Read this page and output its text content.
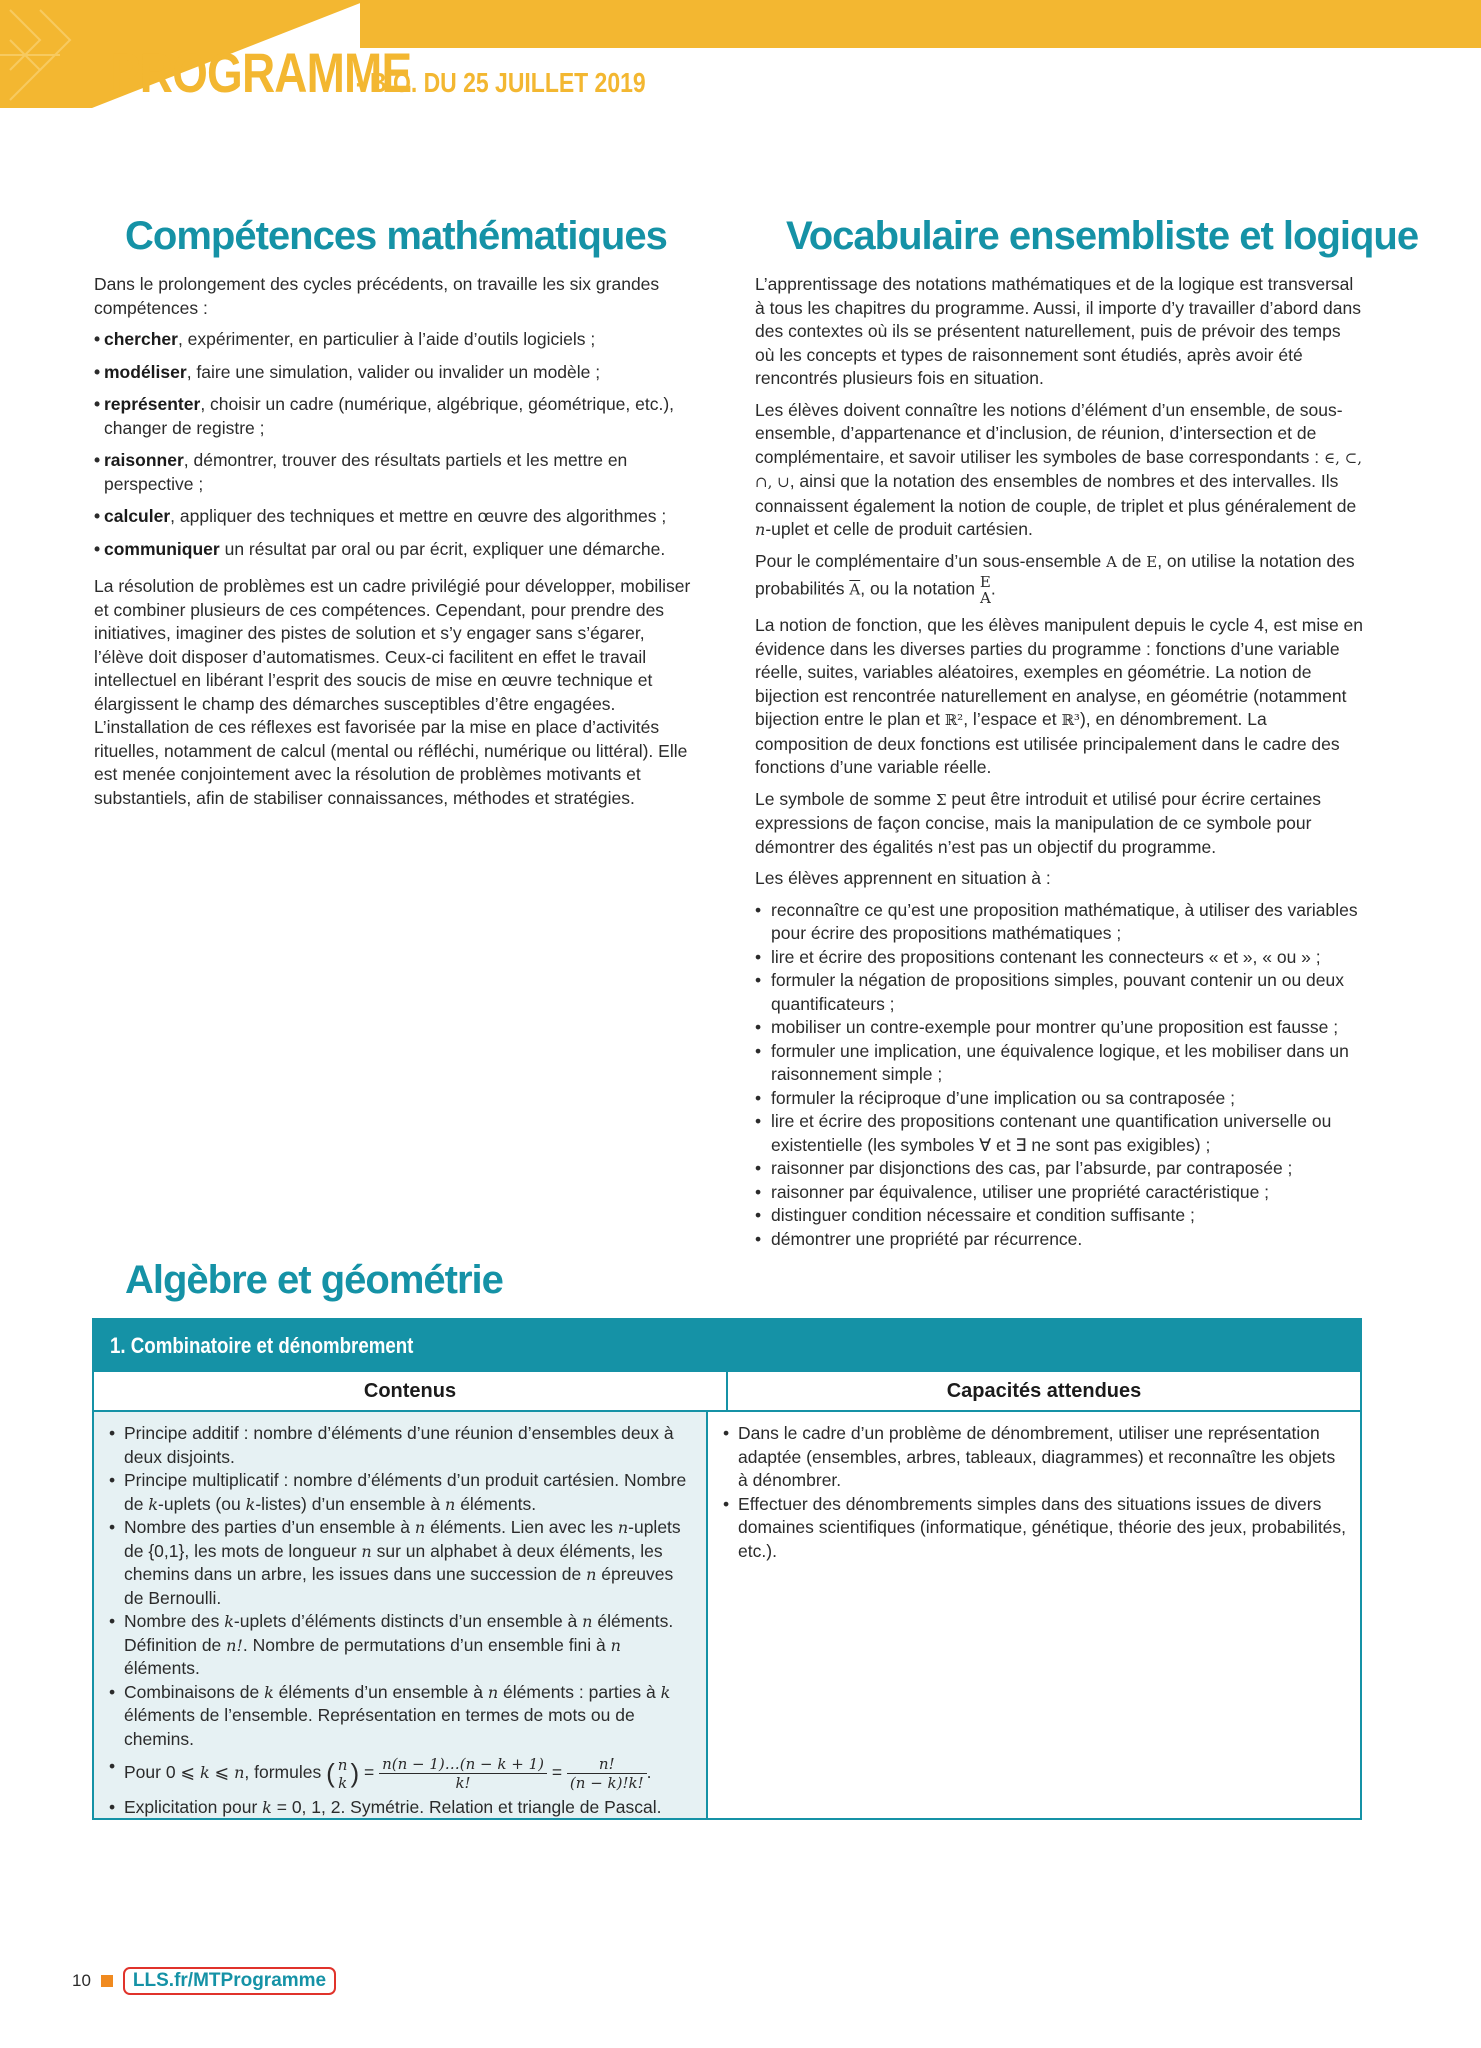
PROGRAMME
- B.O. DU 25 JUILLET 2019
Compétences mathématiques

Dans le prolongement des cycles précédents, on travaille les six grandes compétences :

• chercher, expérimenter, en particulier à l’aide d’outils logiciels ;
• modéliser, faire une simulation, valider ou invalider un modèle ;
• représenter, choisir un cadre (numérique, algébrique, géométrique, etc.), changer de registre ;
• raisonner, démontrer, trouver des résultats partiels et les mettre en perspective ;
• calculer, appliquer des techniques et mettre en œuvre des algorithmes ;
• communiquer un résultat par oral ou par écrit, expliquer une démarche.

La résolution de problèmes est un cadre privilégié pour développer, mobiliser et combiner plusieurs de ces compétences. Cependant, pour prendre des initiatives, imaginer des pistes de solution et s’y engager sans s’égarer, l’élève doit disposer d’automatismes. Ceux-ci facilitent en effet le travail intellectuel en libérant l’esprit des soucis de mise en œuvre technique et élargissent le champ des démarches susceptibles d’être engagées. L’installation de ces réflexes est favorisée par la mise en place d’activités rituelles, notamment de calcul (mental ou réfléchi, numérique ou littéral). Elle est menée conjointement avec la résolution de problèmes motivants et substantiels, afin de stabiliser connaissances, méthodes et stratégies.

Vocabulaire ensembliste et logique

L’apprentissage des notations mathématiques et de la logique est transversal à tous les chapitres du programme. Aussi, il importe d’y travailler d’abord dans des contextes où ils se présentent naturellement, puis de prévoir des temps où les concepts et types de raisonnement sont étudiés, après avoir été rencontrés plusieurs fois en situation.

Les élèves doivent connaître les notions d’élément d’un ensemble, de sous-ensemble, d’appartenance et d’inclusion, de réunion, d’intersection et de complémentaire, et savoir utiliser les symboles de base correspondants : ∈, ⊂, ∩, ∪, ainsi que la notation des ensembles de nombres et des intervalles. Ils connaissent également la notion de couple, de triplet et plus généralement de n-uplet et celle de produit cartésien.

Pour le complémentaire d’un sous-ensemble A de E, on utilise la notation des probabilités $\overline{A}$, ou la notation E
A .

La notion de fonction, que les élèves manipulent depuis le cycle 4, est mise en évidence dans les diverses parties du programme : fonctions d’une variable réelle, suites, variables aléatoires, exemples en géométrie. La notion de bijection est rencontrée naturellement en analyse, en géométrie (notamment bijection entre le plan et ℝ², l’espace et ℝ³), en dénombrement. La composition de deux fonctions est utilisée principalement dans le cadre des fonctions d’une variable réelle.

Le symbole de somme Σ peut être introduit et utilisé pour écrire certaines expressions de façon concise, mais la manipulation de ce symbole pour démontrer des égalités n’est pas un objectif du programme.

Les élèves apprennent en situation à :

• reconnaître ce qu’est une proposition mathématique, à utiliser des variables pour écrire des propositions mathématiques ;
• lire et écrire des propositions contenant les connecteurs « et », « ou » ;
• formuler la négation de propositions simples, pouvant contenir un ou deux quantificateurs ;
• mobiliser un contre-exemple pour montrer qu’une proposition est fausse ;
• formuler une implication, une équivalence logique, et les mobiliser dans un raisonnement simple ;
• formuler la réciproque d’une implication ou sa contraposée ;
• lire et écrire des propositions contenant une quantification universelle ou existentielle (les symboles ∀ et ∃ ne sont pas exigibles) ;
• raisonner par disjonctions des cas, par l’absurde, par contraposée ;
• raisonner par équivalence, utiliser une propriété caractéristique ;
• distinguer condition nécessaire et condition suffisante ;
• démontrer une propriété par récurrence.
Algèbre et géométrie
1. Combinatoire et dénombrement
Contenus	Capacités attendues
• Principe additif : nombre d’éléments d’une réunion d’ensembles deux à deux disjoints.
• Principe multiplicatif : nombre d’éléments d’un produit cartésien. Nombre de k-uplets (ou k-listes) d’un ensemble à n éléments.
• Nombre des parties d’un ensemble à n éléments. Lien avec les n-uplets de {0,1}, les mots de longueur n sur un alphabet à deux éléments, les chemins dans un arbre, les issues dans une succession de n épreuves de Bernoulli.
• Nombre des k-uplets d’éléments distincts d’un ensemble à n éléments. Définition de n!. Nombre de permutations d’un ensemble fini à n éléments.
• Combinaisons de k éléments d’un ensemble à n éléments : parties à k éléments de l’ensemble. Représentation en termes de mots ou de chemins.
• Pour 0 ⩽ k ⩽ n, formules ( n
k ) = $\frac{n(n - 1)\dots(n - k + 1)}{k!} = \frac{n!}{(n - k)!k!}$ .
• Explicitation pour k = 0, 1, 2. Symétrie. Relation et triangle de Pascal.
• Dans le cadre d’un problème de dénombrement, utiliser une représentation adaptée (ensembles, arbres, tableaux, diagrammes) et reconnaître les objets à dénombrer.
• Effectuer des dénombrements simples dans des situations issues de divers domaines scientifiques (informatique, génétique, théorie des jeux, probabilités, etc.).
10	LLS.fr/MTProgramme
